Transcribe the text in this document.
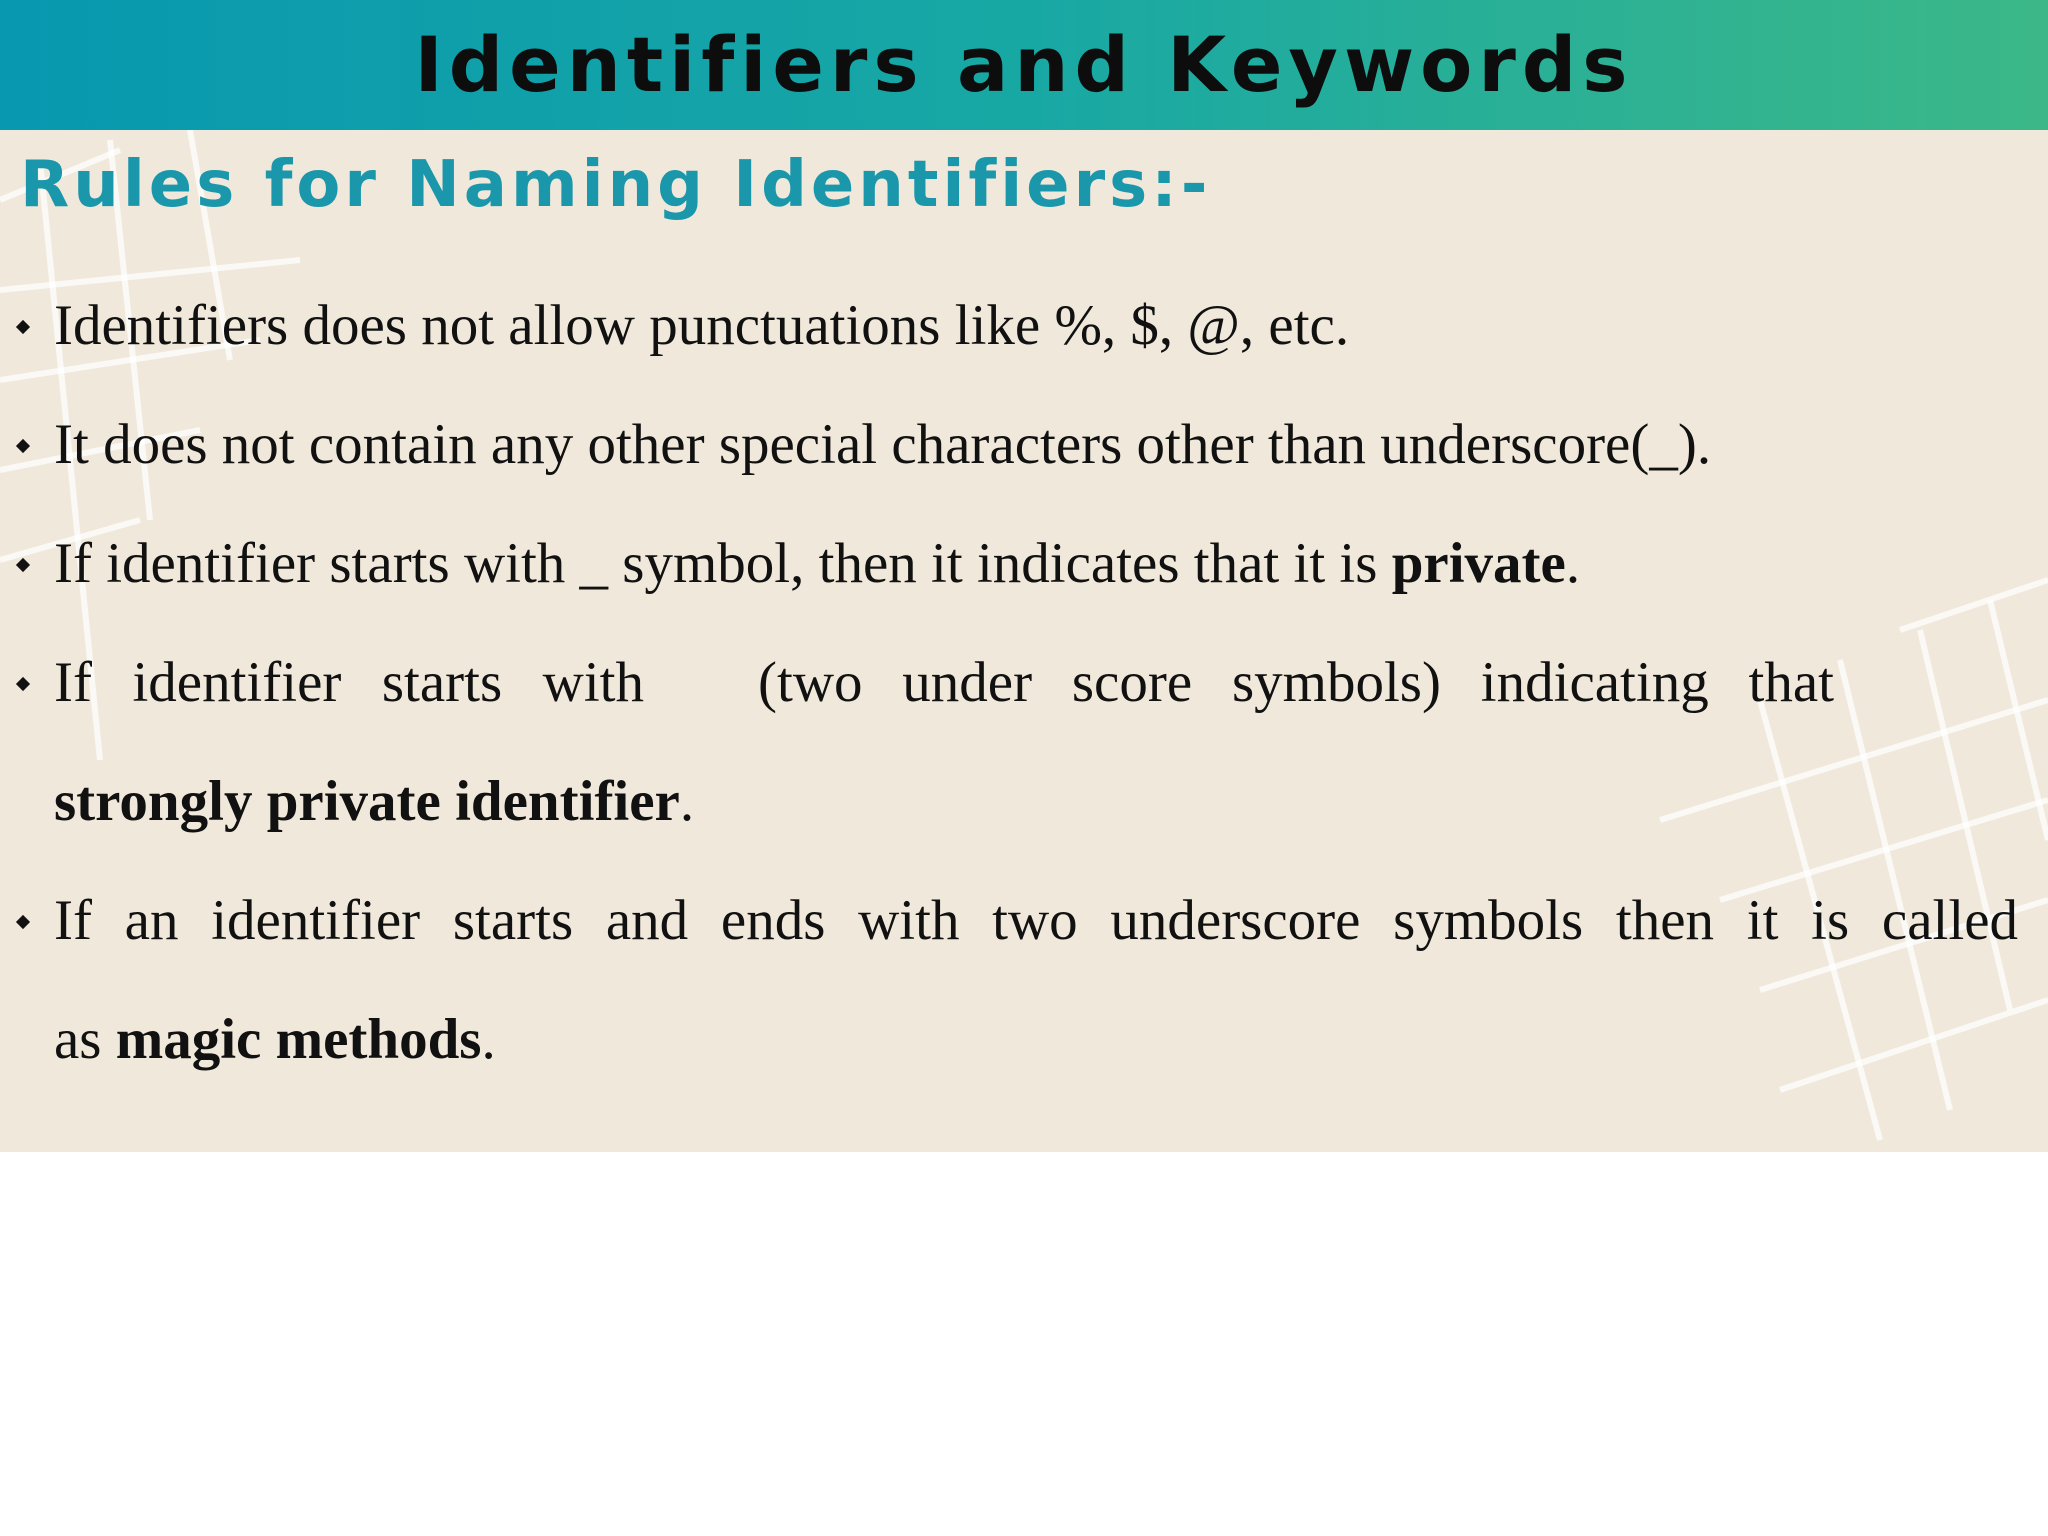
Identifiers and Keywords
Rules for Naming Identifiers:-
Identifiers does not allow punctuations like %, $, @, etc.
It does not contain any other special characters other than underscore(_).
If identifier starts with _ symbol, then it indicates that it is private.
If identifier starts with (two under score symbols) indicating that
strongly private identifier.
If an identifier starts and ends with two underscore symbols then it is called
as magic methods.
